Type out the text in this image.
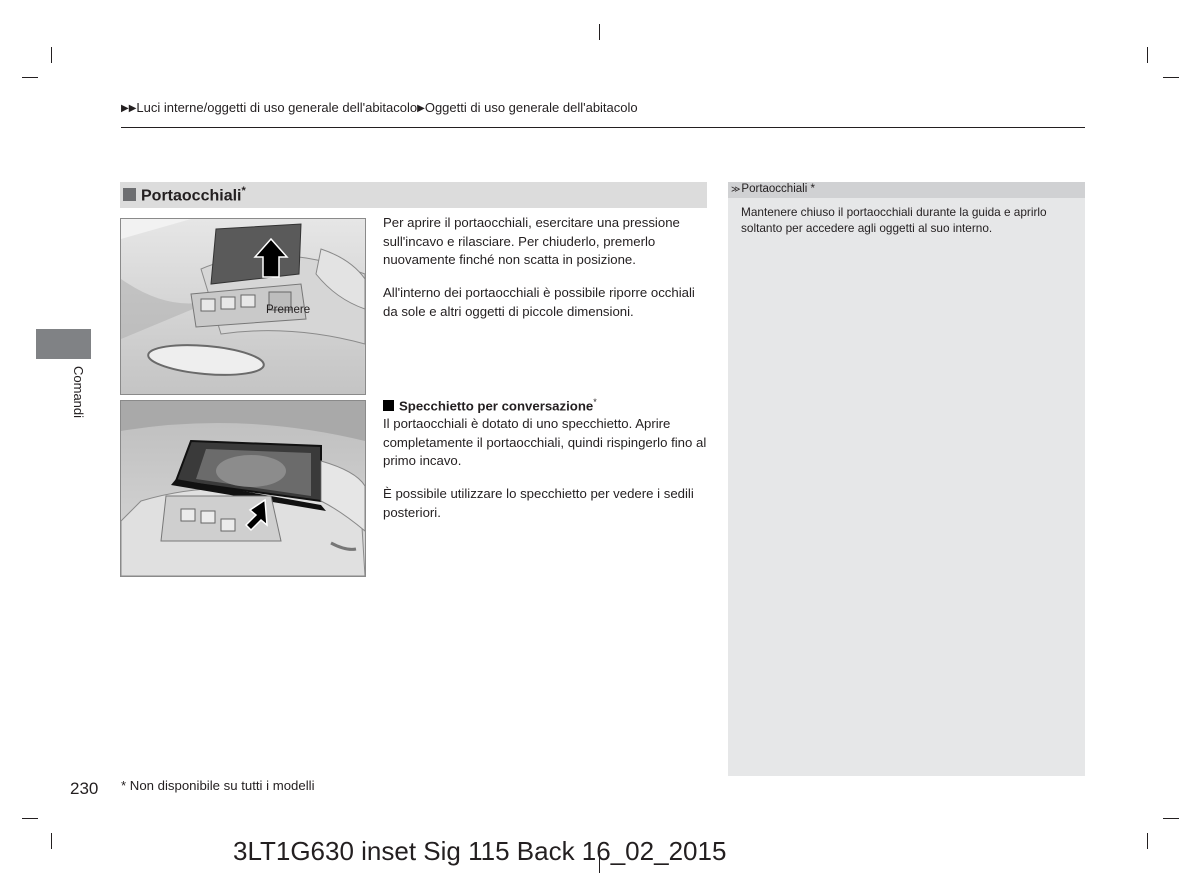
▶▶Luci interne/oggetti di uso generale dell'abitacolo▶Oggetti di uso generale dell'abitacolo
Portaocchiali*
Premere
Per aprire il portaocchiali, esercitare una pressione sull'incavo e rilasciare. Per chiuderlo, premerlo nuovamente finché non scatta in posizione.
All'interno dei portaocchiali è possibile riporre occhiali da sole e altri oggetti di piccole dimensioni.
Specchietto per conversazione*
Il portaocchiali è dotato di uno specchietto. Aprire completamente il portaocchiali, quindi rispingerlo fino al primo incavo.
È possibile utilizzare lo specchietto per vedere i sedili posteriori.
≫ Portaocchiali *
Mantenere chiuso il portaocchiali durante la guida e aprirlo soltanto per accedere agli oggetti al suo interno.
Comandi
230 * Non disponibile su tutti i modelli
3LT1G630 inset Sig 115 Back 16_02_2015
